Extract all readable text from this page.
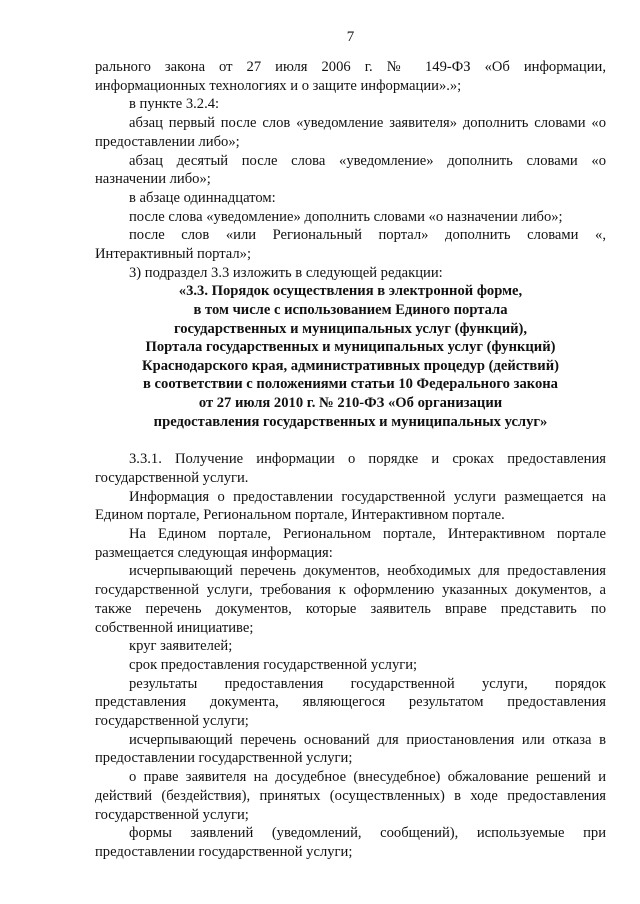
7

рального закона от 27 июля 2006 г. № 149-ФЗ «Об информации, информационных технологиях и о защите информации».»;

в пункте 3.2.4:

абзац первый после слов «уведомление заявителя» дополнить словами «о предоставлении либо»;

абзац десятый после слова «уведомление» дополнить словами «о назначении либо»;

в абзаце одиннадцатом:

после слова «уведомление» дополнить словами «о назначении либо»;

после слов «или Региональный портал» дополнить словами «, Интерактивный портал»;

3) подраздел 3.3 изложить в следующей редакции:

«3.3. Порядок осуществления в электронной форме,

в том числе с использованием Единого портала

государственных и муниципальных услуг (функций),

Портала государственных и муниципальных услуг (функций)

Краснодарского края, административных процедур (действий)

в соответствии с положениями статьи 10 Федерального закона

от 27 июля 2010 г. № 210-ФЗ «Об организации

предоставления государственных и муниципальных услуг»

3.3.1. Получение информации о порядке и сроках предоставления государственной услуги.

Информация о предоставлении государственной услуги размещается на Едином портале, Региональном портале, Интерактивном портале.

На Едином портале, Региональном портале, Интерактивном портале размещается следующая информация:

исчерпывающий перечень документов, необходимых для предоставления государственной услуги, требования к оформлению указанных документов, а также перечень документов, которые заявитель вправе представить по собственной инициативе;

круг заявителей;

срок предоставления государственной услуги;

результаты предоставления государственной услуги, порядок представления документа, являющегося результатом предоставления государственной услуги;

исчерпывающий перечень оснований для приостановления или отказа в предоставлении государственной услуги;

о праве заявителя на досудебное (внесудебное) обжалование решений и действий (бездействия), принятых (осуществленных) в ходе предоставления государственной услуги;

формы заявлений (уведомлений, сообщений), используемые при предоставлении государственной услуги;
